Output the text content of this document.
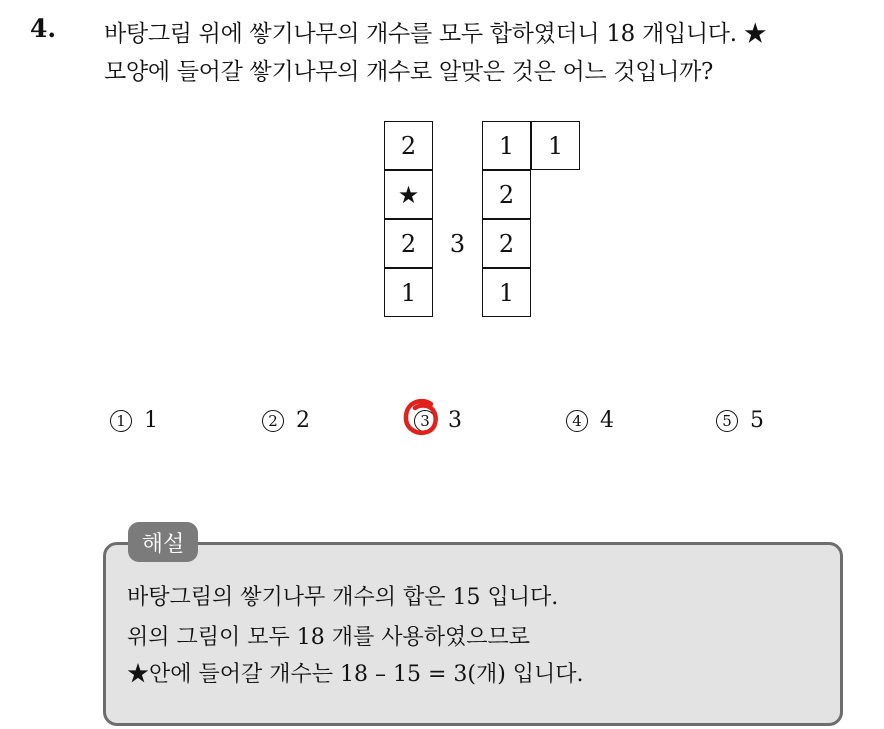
4. 바탕그림 위에 쌓기나무의 개수를 모두 합하였더니 18 개입니다. ★
모양에 들어갈 쌓기나무의 개수로 알맞은 것은 어느 것입니까?
2	1	1
★	2
2	3	2
1	1
1 1	2 2	3 3	4 4	5 5
해설
바탕그림의 쌓기나무 개수의 합은 15 입니다.
위의 그림이 모두 18 개를 사용하였으므로
★안에 들어갈 개수는 18 – 15 = 3(개) 입니다.
